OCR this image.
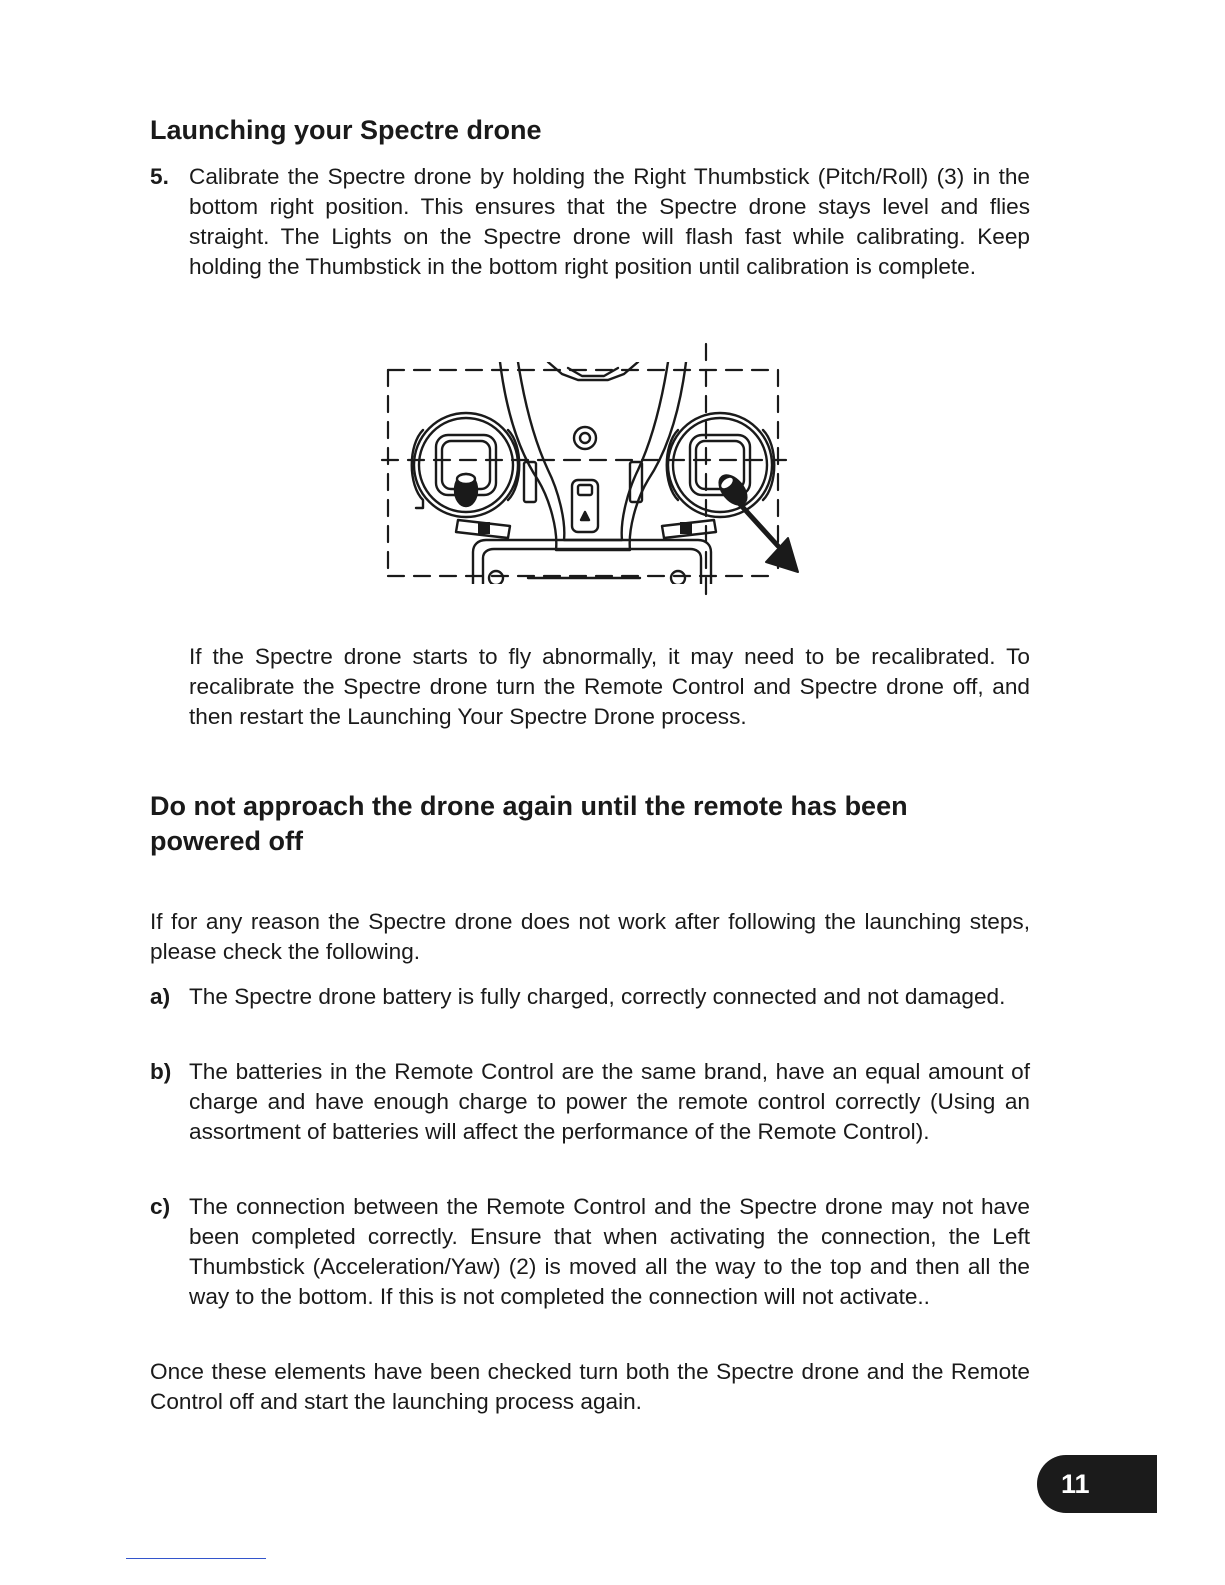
Launching your Spectre drone
5. Calibrate the Spectre drone by holding the Right Thumbstick (Pitch/Roll) (3) in the bottom right position. This ensures that the Spectre drone stays level and flies straight. The Lights on the Spectre drone will flash fast while calibrating. Keep holding the Thumbstick in the bottom right position until calibration is complete.

If the Spectre drone starts to fly abnormally, it may need to be recalibrated. To recalibrate the Spectre drone turn the Remote Control and Spectre drone off, and then restart the Launching Your Spectre Drone process.

Do not approach the drone again until the remote has been powered off

If for any reason the Spectre drone does not work after following the launching steps, please check the following.

a) The Spectre drone battery is fully charged, correctly connected and not damaged.

b) The batteries in the Remote Control are the same brand, have an equal amount of charge and have enough charge to power the remote control correctly (Using an assortment of batteries will affect the performance of the Remote Control).

c) The connection between the Remote Control and the Spectre drone may not have been completed correctly. Ensure that when activating the connection, the Left Thumbstick (Acceleration/Yaw) (2) is moved all the way to the top and then all the way to the bottom. If this is not completed the connection will not activate..

Once these elements have been checked turn both the Spectre drone and the Remote Control off and start the launching process again.

11
